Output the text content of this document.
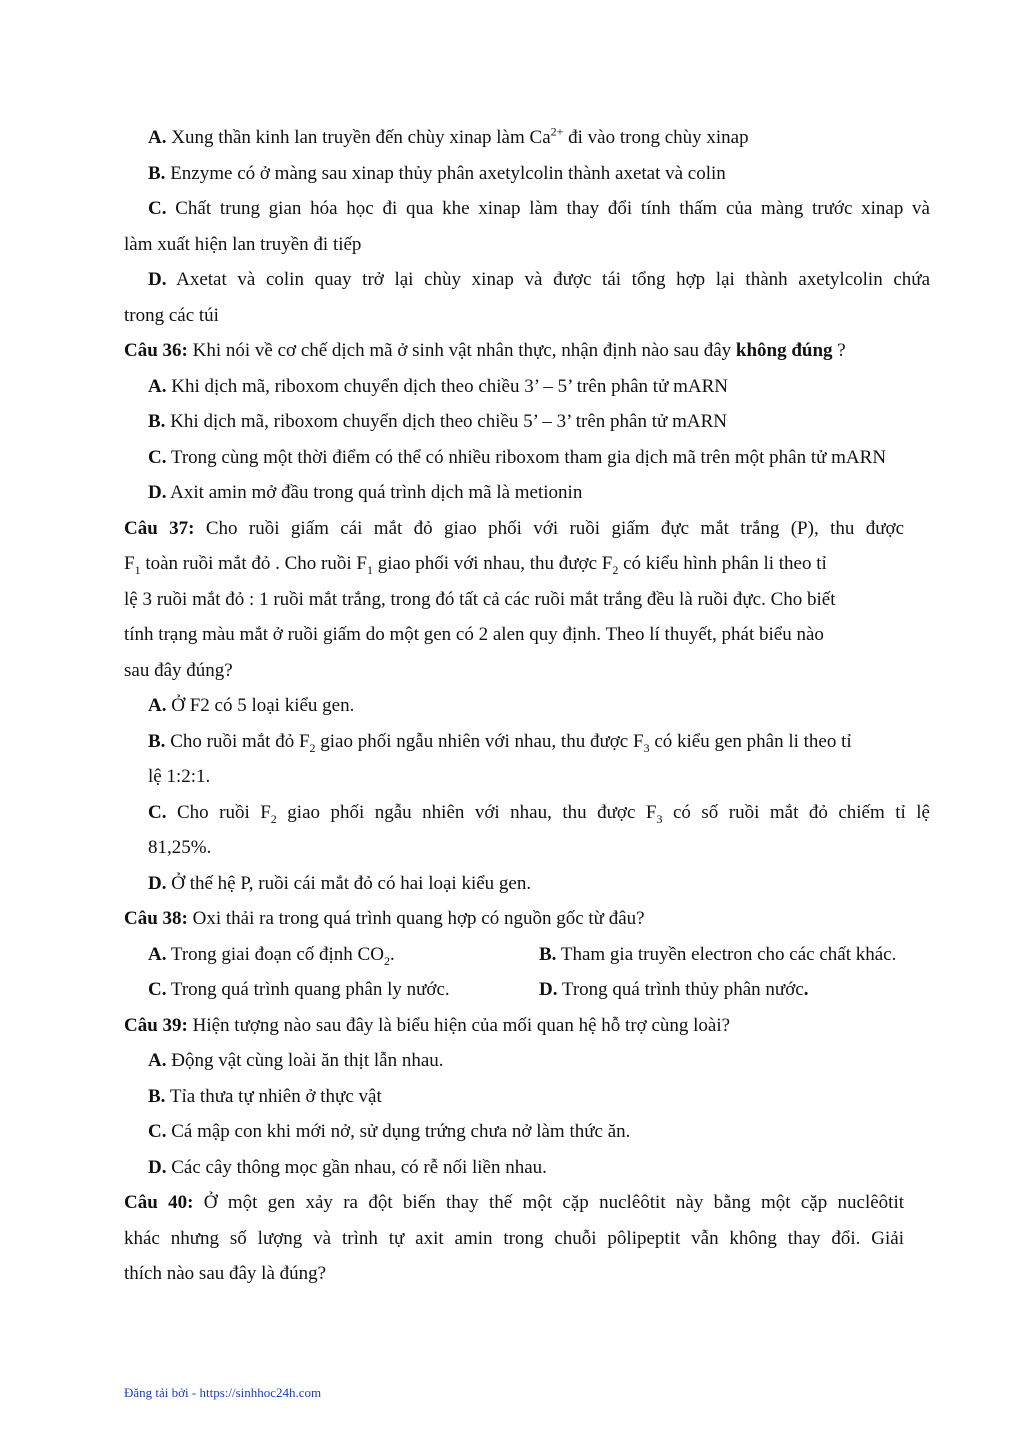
A. Xung thần kinh lan truyền đến chùy xinap làm $Ca^{2+}$ đi vào trong chùy xinap
B. Enzyme có ở màng sau xinap thủy phân axetylcolin thành axetat và colin
C. Chất trung gian hóa học đi qua khe xinap làm thay đổi tính thấm của màng trước xinap và
làm xuất hiện lan truyền đi tiếp
D. Axetat và colin quay trở lại chùy xinap và được tái tổng hợp lại thành axetylcolin chứa
trong các túi
Câu 36: Khi nói về cơ chế dịch mã ở sinh vật nhân thực, nhận định nào sau đây không đúng ?
A. Khi dịch mã, riboxom chuyển dịch theo chiều 3’ – 5’ trên phân tử mARN
B. Khi dịch mã, riboxom chuyển dịch theo chiều 5’ – 3’ trên phân tử mARN
C. Trong cùng một thời điểm có thể có nhiều riboxom tham gia dịch mã trên một phân tử mARN
D. Axit amin mở đầu trong quá trình dịch mã là metionin
Câu 37: Cho ruồi giấm cái mắt đỏ giao phối với ruồi giấm đực mắt trắng (P), thu được
$F_1$ toàn ruồi mắt đỏ . Cho ruồi $F_1$ giao phối với nhau, thu được $F_2$ có kiểu hình phân li theo tỉ
lệ 3 ruồi mắt đỏ : 1 ruồi mắt trắng, trong đó tất cả các ruồi mắt trắng đều là ruồi đực. Cho biết
tính trạng màu mắt ở ruồi giấm do một gen có 2 alen quy định. Theo lí thuyết, phát biểu nào
sau đây đúng?
A. Ở F2 có 5 loại kiểu gen.
B. Cho ruồi mắt đỏ $F_2$ giao phối ngẫu nhiên với nhau, thu được $F_3$ có kiểu gen phân li theo tỉ
lệ 1:2:1.
C. Cho ruồi $F_2$ giao phối ngẫu nhiên với nhau, thu được $F_3$ có số ruồi mắt đỏ chiếm tỉ lệ
81,25%.
D. Ở thế hệ P, ruồi cái mắt đỏ có hai loại kiểu gen.
Câu 38: Oxi thải ra trong quá trình quang hợp có nguồn gốc từ đâu?
A. Trong giai đoạn cố định $CO_2$.	B. Tham gia truyền electron cho các chất khác.
C. Trong quá trình quang phân ly nước.	D. Trong quá trình thủy phân nước.
Câu 39: Hiện tượng nào sau đây là biểu hiện của mối quan hệ hỗ trợ cùng loài?
A. Động vật cùng loài ăn thịt lẫn nhau.
B. Tỉa thưa tự nhiên ở thực vật
C. Cá mập con khi mới nở, sử dụng trứng chưa nở làm thức ăn.
D. Các cây thông mọc gần nhau, có rễ nối liền nhau.
Câu 40: Ở một gen xảy ra đột biến thay thế một cặp nuclêôtit này bằng một cặp nuclêôtit
khác nhưng số lượng và trình tự axit amin trong chuỗi pôlipeptit vẫn không thay đổi. Giải
thích nào sau đây là đúng?
Đăng tải bởi - https://sinhhoc24h.com
